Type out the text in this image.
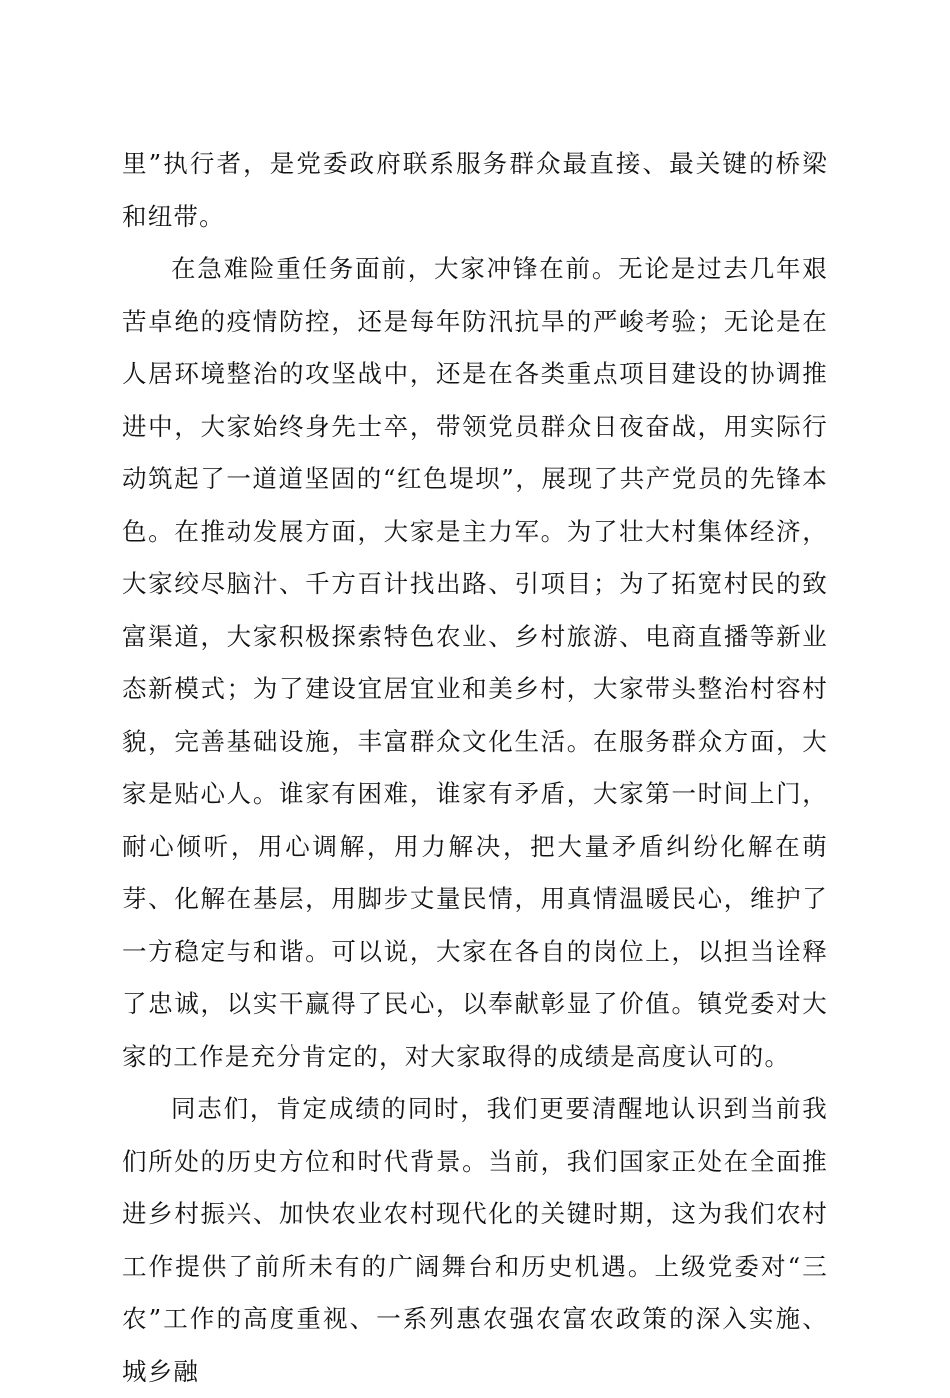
里”执行者，是党委政府联系服务群众最直接、最关键的桥梁和纽带。

在急难险重任务面前，大家冲锋在前。无论是过去几年艰苦卓绝的疫情防控，还是每年防汛抗旱的严峻考验；无论是在人居环境整治的攻坚战中，还是在各类重点项目建设的协调推进中，大家始终身先士卒，带领党员群众日夜奋战，用实际行动筑起了一道道坚固的“红色堤坝”，展现了共产党员的先锋本色。在推动发展方面，大家是主力军。为了壮大村集体经济，大家绞尽脑汁、千方百计找出路、引项目；为了拓宽村民的致富渠道，大家积极探索特色农业、乡村旅游、电商直播等新业态新模式；为了建设宜居宜业和美乡村，大家带头整治村容村貌，完善基础设施，丰富群众文化生活。在服务群众方面，大家是贴心人。谁家有困难，谁家有矛盾，大家第一时间上门，耐心倾听，用心调解，用力解决，把大量矛盾纠纷化解在萌芽、化解在基层，用脚步丈量民情，用真情温暖民心，维护了一方稳定与和谐。可以说，大家在各自的岗位上，以担当诠释了忠诚，以实干赢得了民心，以奉献彰显了价值。镇党委对大家的工作是充分肯定的，对大家取得的成绩是高度认可的。

同志们，肯定成绩的同时，我们更要清醒地认识到当前我们所处的历史方位和时代背景。当前，我们国家正处在全面推进乡村振兴、加快农业农村现代化的关键时期，这为我们农村工作提供了前所未有的广阔舞台和历史机遇。上级党委对“三农”工作的高度重视、一系列惠农强农富农政策的深入实施、城乡融
